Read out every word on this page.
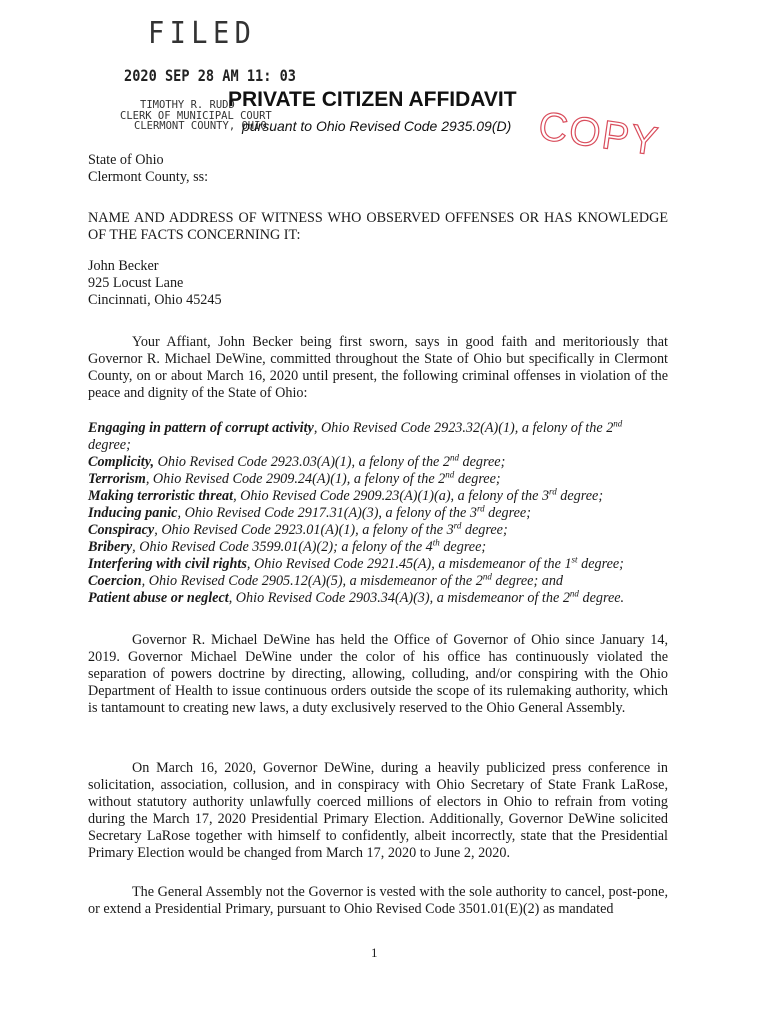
FILED
2020 SEP 28 AM 11: 03
TIMOTHY R. RUDD
CLERK OF MUNICIPAL COURT
CLERMONT COUNTY, OHIO
PRIVATE CITIZEN AFFIDAVIT
pursuant to Ohio Revised Code 2935.09(D) COPY
State of Ohio
Clermont County, ss:
NAME AND ADDRESS OF WITNESS WHO OBSERVED OFFENSES OR HAS KNOWLEDGE OF THE FACTS CONCERNING IT:
John Becker
925 Locust Lane
Cincinnati, Ohio 45245
Your Affiant, John Becker being first sworn, says in good faith and meritoriously that Governor R. Michael DeWine, committed throughout the State of Ohio but specifically in Clermont County, on or about March 16, 2020 until present, the following criminal offenses in violation of the peace and dignity of the State of Ohio:
Engaging in pattern of corrupt activity, Ohio Revised Code 2923.32(A)(1), a felony of the 2nd degree;
Complicity, Ohio Revised Code 2923.03(A)(1), a felony of the 2nd degree;
Terrorism, Ohio Revised Code 2909.24(A)(1), a felony of the 2nd degree;
Making terroristic threat, Ohio Revised Code 2909.23(A)(1)(a), a felony of the 3rd degree;
Inducing panic, Ohio Revised Code 2917.31(A)(3), a felony of the 3rd degree;
Conspiracy, Ohio Revised Code 2923.01(A)(1), a felony of the 3rd degree;
Bribery, Ohio Revised Code 3599.01(A)(2); a felony of the 4th degree;
Interfering with civil rights, Ohio Revised Code 2921.45(A), a misdemeanor of the 1st degree;
Coercion, Ohio Revised Code 2905.12(A)(5), a misdemeanor of the 2nd degree; and
Patient abuse or neglect, Ohio Revised Code 2903.34(A)(3), a misdemeanor of the 2nd degree.
Governor R. Michael DeWine has held the Office of Governor of Ohio since January 14, 2019. Governor Michael DeWine under the color of his office has continuously violated the separation of powers doctrine by directing, allowing, colluding, and/or conspiring with the Ohio Department of Health to issue continuous orders outside the scope of its rulemaking authority, which is tantamount to creating new laws, a duty exclusively reserved to the Ohio General Assembly.
On March 16, 2020, Governor DeWine, during a heavily publicized press conference in solicitation, association, collusion, and in conspiracy with Ohio Secretary of State Frank LaRose, without statutory authority unlawfully coerced millions of electors in Ohio to refrain from voting during the March 17, 2020 Presidential Primary Election. Additionally, Governor DeWine solicited Secretary LaRose together with himself to confidently, albeit incorrectly, state that the Presidential Primary Election would be changed from March 17, 2020 to June 2, 2020.
The General Assembly not the Governor is vested with the sole authority to cancel, post-pone, or extend a Presidential Primary, pursuant to Ohio Revised Code 3501.01(E)(2) as mandated
1
